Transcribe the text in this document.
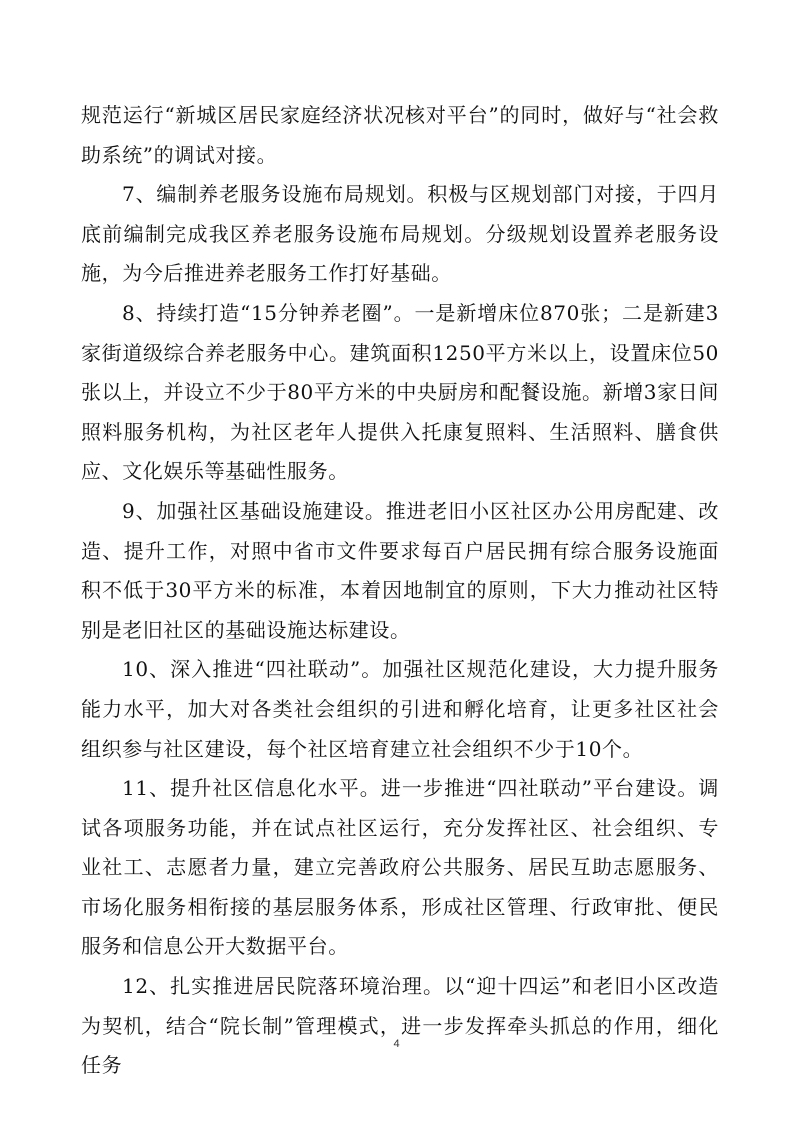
规范运行“新城区居民家庭经济状况核对平台”的同时，做好与“社会救助系统”的调试对接。

7、编制养老服务设施布局规划。积极与区规划部门对接，于四月底前编制完成我区养老服务设施布局规划。分级规划设置养老服务设施，为今后推进养老服务工作打好基础。

8、持续打造“15分钟养老圈”。一是新增床位870张；二是新建3家街道级综合养老服务中心。建筑面积1250平方米以上，设置床位50张以上，并设立不少于80平方米的中央厨房和配餐设施。新增3家日间照料服务机构，为社区老年人提供入托康复照料、生活照料、膳食供应、文化娱乐等基础性服务。

9、加强社区基础设施建设。推进老旧小区社区办公用房配建、改造、提升工作，对照中省市文件要求每百户居民拥有综合服务设施面积不低于30平方米的标准，本着因地制宜的原则，下大力推动社区特别是老旧社区的基础设施达标建设。

10、深入推进“四社联动”。加强社区规范化建设，大力提升服务能力水平，加大对各类社会组织的引进和孵化培育，让更多社区社会组织参与社区建设，每个社区培育建立社会组织不少于10个。

11、提升社区信息化水平。进一步推进“四社联动”平台建设。调试各项服务功能，并在试点社区运行，充分发挥社区、社会组织、专业社工、志愿者力量，建立完善政府公共服务、居民互助志愿服务、市场化服务相衔接的基层服务体系，形成社区管理、行政审批、便民服务和信息公开大数据平台。

12、扎实推进居民院落环境治理。以“迎十四运”和老旧小区改造为契机，结合“院长制”管理模式，进一步发挥牵头抓总的作用，细化任务

4
